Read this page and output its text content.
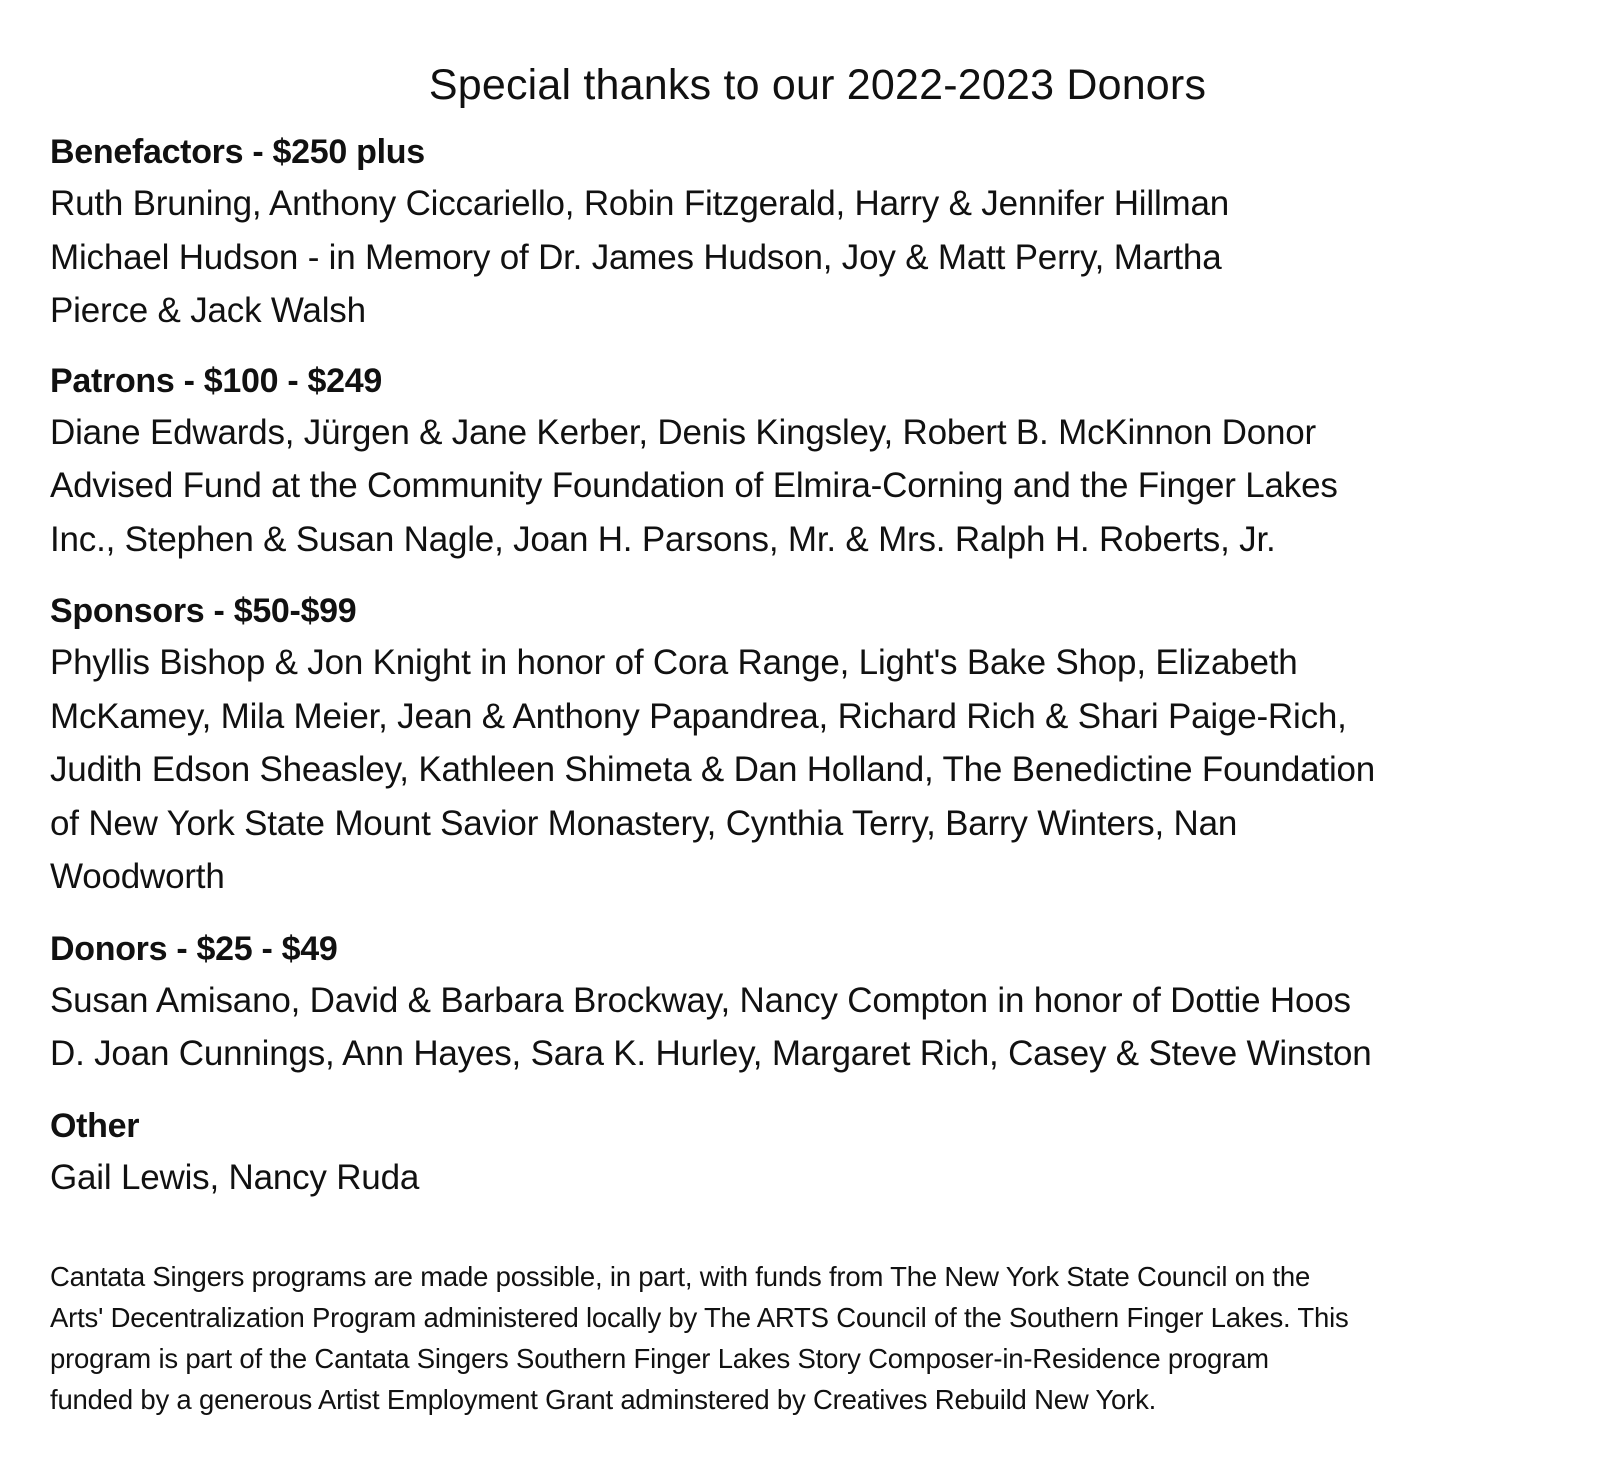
Special thanks to our 2022-2023 Donors

Benefactors - $250 plus

Ruth Bruning, Anthony Ciccariello, Robin Fitzgerald, Harry & Jennifer Hillman
Michael Hudson - in Memory of Dr. James Hudson, Joy & Matt Perry, Martha
Pierce & Jack Walsh

Patrons - $100 - $249

Diane Edwards, Jürgen & Jane Kerber, Denis Kingsley, Robert B. McKinnon Donor
Advised Fund at the Community Foundation of Elmira-Corning and the Finger Lakes
Inc., Stephen & Susan Nagle, Joan H. Parsons, Mr. & Mrs. Ralph H. Roberts, Jr.

Sponsors - $50-$99

Phyllis Bishop & Jon Knight in honor of Cora Range, Light's Bake Shop, Elizabeth
McKamey, Mila Meier, Jean & Anthony Papandrea, Richard Rich & Shari Paige-Rich,
Judith Edson Sheasley, Kathleen Shimeta & Dan Holland, The Benedictine Foundation
of New York State Mount Savior Monastery, Cynthia Terry, Barry Winters, Nan
Woodworth

Donors - $25 - $49

Susan Amisano, David & Barbara Brockway, Nancy Compton in honor of Dottie Hoos
D. Joan Cunnings, Ann Hayes, Sara K. Hurley, Margaret Rich, Casey & Steve Winston

Other

Gail Lewis, Nancy Ruda

Cantata Singers programs are made possible, in part, with funds from The New York State Council on the
Arts' Decentralization Program administered locally by The ARTS Council of the Southern Finger Lakes. This
program is part of the Cantata Singers Southern Finger Lakes Story Composer-in-Residence program
funded by a generous Artist Employment Grant adminstered by Creatives Rebuild New York.
